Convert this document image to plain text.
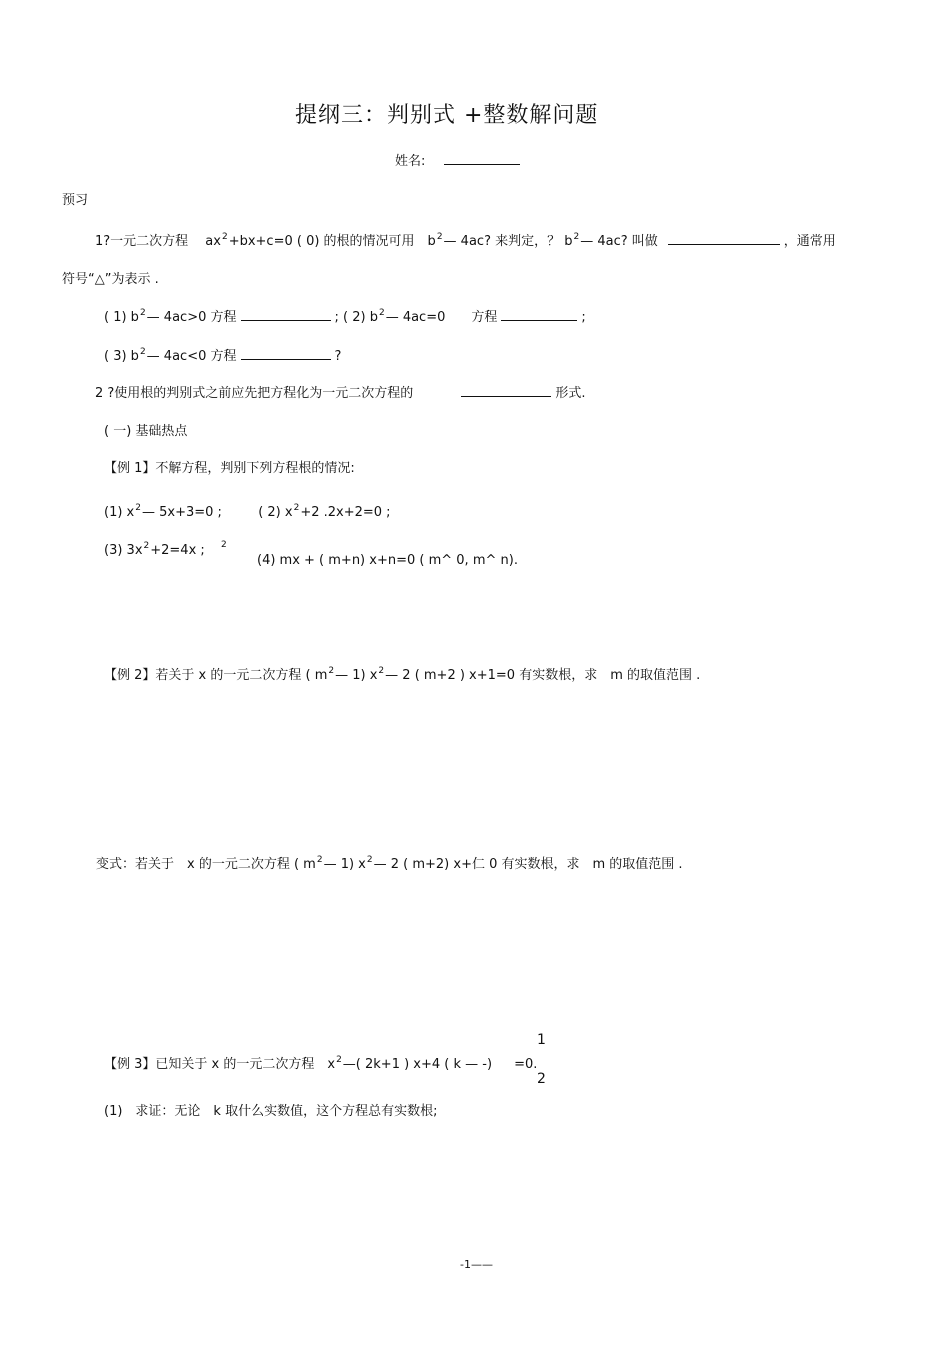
提纲三：判别式 +整数解问题
姓名:
预习
1?一元二次方程　 $ax^2+bx+c=0$ ( 0) 的根的情况可用　$b^2—$ 4ac? 来判定，？ $b^2—$ 4ac? 叫做	，通常用
符号“△”为表示 .
( 1) $b^2—$ 4ac>0 方程	; ( 2) $b^2—$ 4ac=0　　方程	;
( 3) $b^2—$ 4ac<0 方程	?
2 ?使用根的判别式之前应先把方程化为一元二次方程的	形式.
( 一) 基础热点
【例 1】不解方程，判别下列方程根的情况:
(1) $x^2—$ 5x+3=0 ;	( 2) $x^2+2$ .2x+2=0 ;
(3) $3x^2+2=4x$ ; 2
(4) mx + ( m+n) x+n=0 ( m^ 0, m^ n).
【例 2】若关于 x 的一元二次方程 ( $m^2—$ 1) $x^2—$ 2 ( m+2 ) x+1=0 有实数根，求　m 的取值范围 .
变式：若关于　x 的一元二次方程 ( $m^2—$ 1) $x^2—$ 2 ( m+2) x+仁 0 有实数根，求　m 的取值范围 .
1
【例 3】已知关于 x 的一元二次方程　$x^2—$( 2k+1 ) x+4 ( k — -) =0.
2
(1)　求证：无论　k 取什么实数值，这个方程总有实数根;
-1——
